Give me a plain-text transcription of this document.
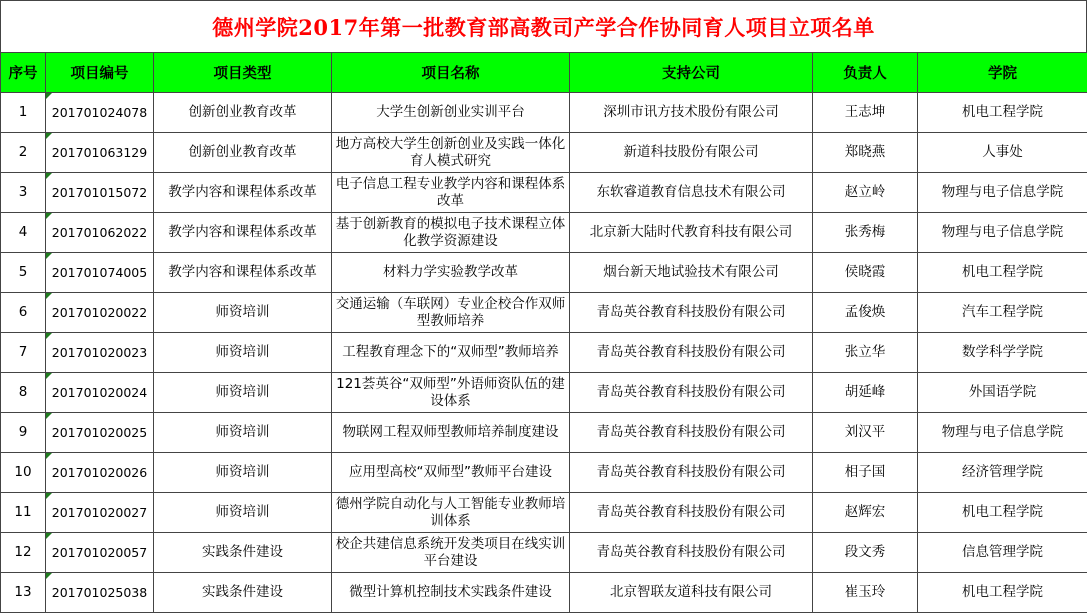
德州学院2017年第一批教育部高教司产学合作协同育人项目立项名单
序号	项目编号	项目类型	项目名称	支持公司	负责人	学院
1	201701024078	创新创业教育改革	大学生创新创业实训平台	深圳市讯方技术股份有限公司	王志坤	机电工程学院
2	201701063129	创新创业教育改革	地方高校大学生创新创业及实践一体化育人模式研究	新道科技股份有限公司	郑晓燕	人事处
3	201701015072	教学内容和课程体系改革	电子信息工程专业教学内容和课程体系改革	东软睿道教育信息技术有限公司	赵立岭	物理与电子信息学院
4	201701062022	教学内容和课程体系改革	基于创新教育的模拟电子技术课程立体化教学资源建设	北京新大陆时代教育科技有限公司	张秀梅	物理与电子信息学院
5	201701074005	教学内容和课程体系改革	材料力学实验教学改革	烟台新天地试验技术有限公司	侯晓霞	机电工程学院
6	201701020022	师资培训	交通运输（车联网）专业企校合作双师型教师培养	青岛英谷教育科技股份有限公司	孟俊焕	汽车工程学院
7	201701020023	师资培训	工程教育理念下的“双师型”教师培养	青岛英谷教育科技股份有限公司	张立华	数学科学学院
8	201701020024	师资培训	121荟英谷“双师型”外语师资队伍的建设体系	青岛英谷教育科技股份有限公司	胡延峰	外国语学院
9	201701020025	师资培训	物联网工程双师型教师培养制度建设	青岛英谷教育科技股份有限公司	刘汉平	物理与电子信息学院
10	201701020026	师资培训	应用型高校“双师型”教师平台建设	青岛英谷教育科技股份有限公司	相子国	经济管理学院
11	201701020027	师资培训	德州学院自动化与人工智能专业教师培训体系	青岛英谷教育科技股份有限公司	赵辉宏	机电工程学院
12	201701020057	实践条件建设	校企共建信息系统开发类项目在线实训平台建设	青岛英谷教育科技股份有限公司	段文秀	信息管理学院
13	201701025038	实践条件建设	微型计算机控制技术实践条件建设	北京智联友道科技有限公司	崔玉玲	机电工程学院
